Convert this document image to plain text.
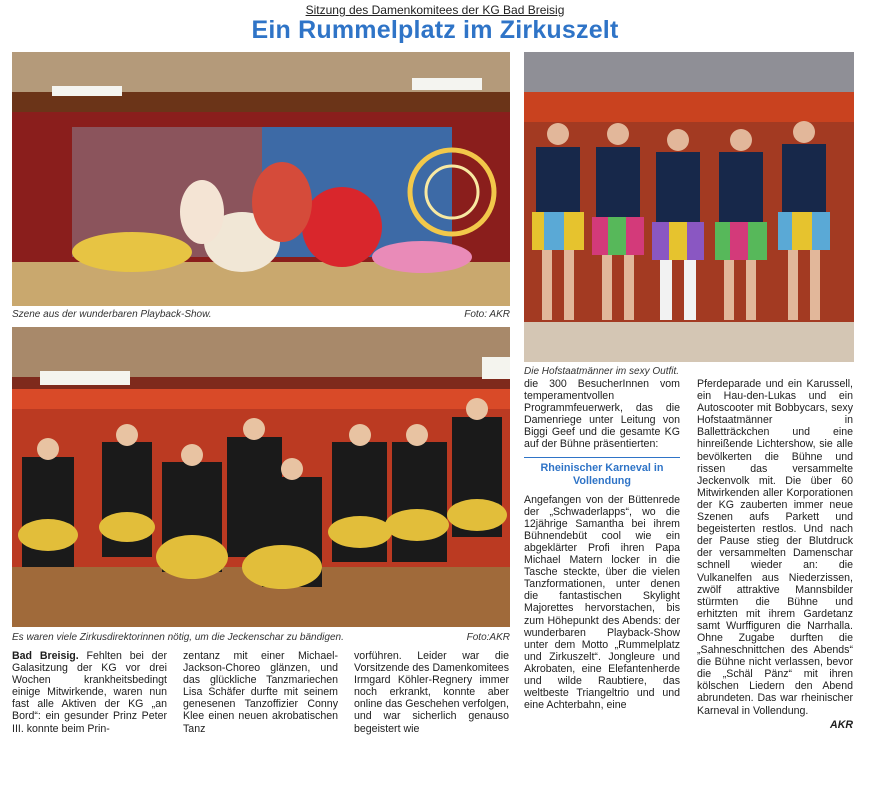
Sitzung des Damenkomitees der KG Bad Breisig
Ein Rummelplatz im Zirkuszelt
Szene aus der wunderbaren Playback-Show.	Foto: AKR
Es waren viele Zirkusdirektorinnen nötig, um die Jeckenschar zu bändigen.	Foto:AKR
Die Hofstaatmänner im sexy Outfit.

Bad Breisig. Fehlten bei der Galasitzung der KG vor drei Wochen krankheitsbedingt einige Mitwirkende, waren nun fast alle Aktiven der KG „an Bord“: ein gesunder Prinz Peter III. konnte beim Prin-

zentanz mit einer Michael-Jackson-Choreo glänzen, und das glückliche Tanzmariechen Lisa Schäfer durfte mit seinem genesenen Tanzoffizier Conny Klee einen neuen akrobatischen Tanz

vorführen. Leider war die Vorsitzende des Damenkomitees Irmgard Köhler-Regnery immer noch erkrankt, konnte aber online das Geschehen verfolgen, und war sicherlich genauso begeistert wie

die 300 BesucherInnen vom temperamentvollen Programmfeuerwerk, das die Damenriege unter Leitung von Biggi Geef und die gesamte KG auf der Bühne präsentierten:

Rheinischer Karneval in Vollendung

Angefangen von der Büttenrede der „Schwaderlapps“, wo die 12jährige Samantha bei ihrem Bühnendebüt cool wie ein abgeklärter Profi ihren Papa Michael Matern locker in die Tasche steckte, über die vielen Tanzformationen, unter denen die fantastischen Skylight Majorettes hervorstachen, bis zum Höhepunkt des Abends: der wunderbaren Playback-Show unter dem Motto „Rummelplatz und Zirkuszelt“. Jongleure und Akrobaten, eine Elefantenherde und wilde Raubtiere, das weltbeste Triangeltrio und und eine Achterbahn, eine

Pferdeparade und ein Karussell, ein Hau-den-Lukas und ein Autoscooter mit Bobbycars, sexy Hofstaatmänner in Balletträckchen und eine hinreißende Lichtershow, sie alle bevölkerten die Bühne und rissen das versammelte Jeckenvolk mit. Die über 60 Mitwirkenden aller Korporationen der KG zauberten immer neue Szenen aufs Parkett und begeisterten restlos. Und nach der Pause stieg der Blutdruck der versammelten Damenschar schnell wieder an: die Vulkanelfen aus Niederzissen, zwölf attraktive Mannsbilder stürmten die Bühne und erhitzten mit ihrem Gardetanz samt Wurffiguren die Narrhalla. Ohne Zugabe durften die „Sahneschnittchen des Abends“ die Bühne nicht verlassen, bevor die „Schäl Pänz“ mit ihren kölschen Liedern den Abend abrundeten. Das war rheinischer Karneval in Vollendung.

AKR
